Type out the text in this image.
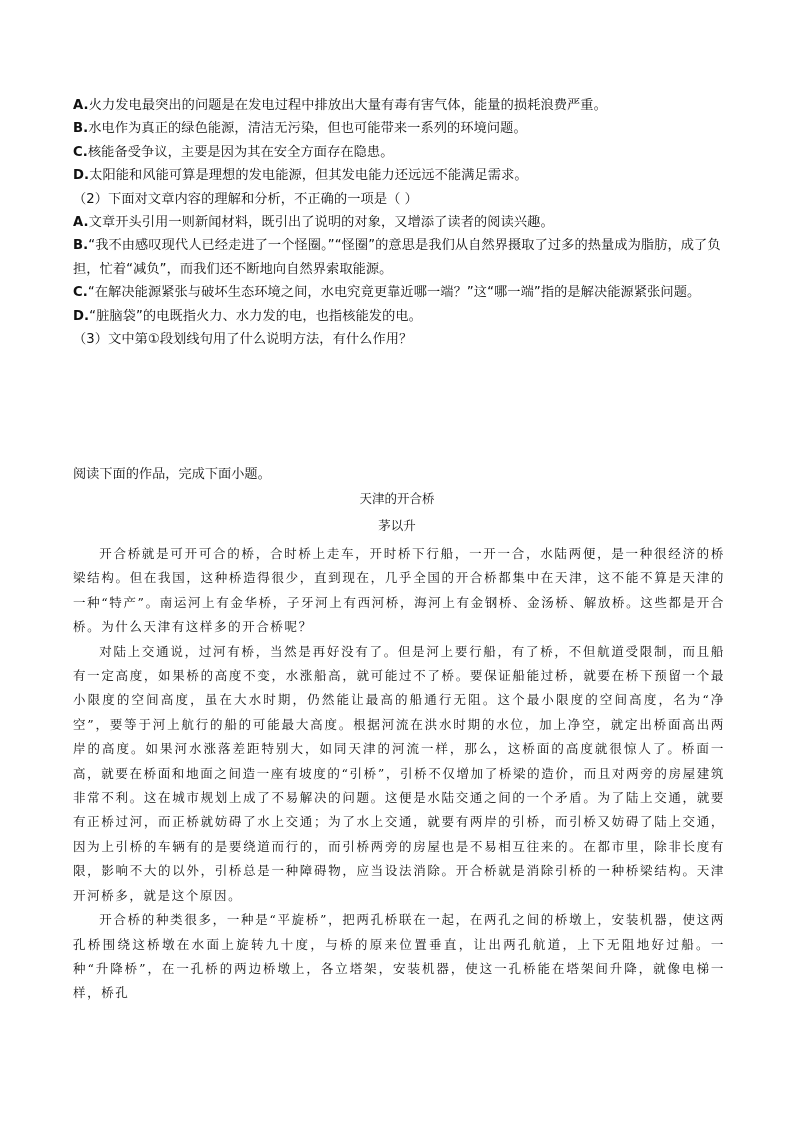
A.火力发电最突出的问题是在发电过程中排放出大量有毒有害气体，能量的损耗浪费严重。
B.水电作为真正的绿色能源，清洁无污染，但也可能带来一系列的环境问题。
C.核能备受争议，主要是因为其在安全方面存在隐患。
D.太阳能和风能可算是理想的发电能源，但其发电能力还远远不能满足需求。
（2）下面对文章内容的理解和分析，不正确的一项是（ ）
A.文章开头引用一则新闻材料，既引出了说明的对象，又增添了读者的阅读兴趣。
B.“我不由感叹现代人已经走进了一个怪圈。”“怪圈”的意思是我们从自然界摄取了过多的热量成为脂肪，成了负担，忙着“减负”，而我们还不断地向自然界索取能源。
C.“在解决能源紧张与破坏生态环境之间，水电究竟更靠近哪一端？”这“哪一端”指的是解决能源紧张问题。
D.“脏脑袋”的电既指火力、水力发的电，也指核能发的电。
（3）文中第①段划线句用了什么说明方法，有什么作用？
阅读下面的作品，完成下面小题。
天津的开合桥
茅以升

开合桥就是可开可合的桥，合时桥上走车，开时桥下行船，一开一合，水陆两便，是一种很经济的桥梁结构。但在我国，这种桥造得很少，直到现在，几乎全国的开合桥都集中在天津，这不能不算是天津的一种“特产”。南运河上有金华桥，子牙河上有西河桥，海河上有金钢桥、金汤桥、解放桥。这些都是开合桥。为什么天津有这样多的开合桥呢？

对陆上交通说，过河有桥，当然是再好没有了。但是河上要行船，有了桥，不但航道受限制，而且船有一定高度，如果桥的高度不变，水涨船高，就可能过不了桥。要保证船能过桥，就要在桥下预留一个最小限度的空间高度，虽在大水时期，仍然能让最高的船通行无阻。这个最小限度的空间高度，名为“净空”，要等于河上航行的船的可能最大高度。根据河流在洪水时期的水位，加上净空，就定出桥面高出两岸的高度。如果河水涨落差距特别大，如同天津的河流一样，那么，这桥面的高度就很惊人了。桥面一高，就要在桥面和地面之间造一座有坡度的“引桥”，引桥不仅增加了桥梁的造价，而且对两旁的房屋建筑非常不利。这在城市规划上成了不易解决的问题。这便是水陆交通之间的一个矛盾。为了陆上交通，就要有正桥过河，而正桥就妨碍了水上交通；为了水上交通，就要有两岸的引桥，而引桥又妨碍了陆上交通，因为上引桥的车辆有的是要绕道而行的，而引桥两旁的房屋也是不易相互往来的。在都市里，除非长度有限，影响不大的以外，引桥总是一种障碍物，应当设法消除。开合桥就是消除引桥的一种桥梁结构。天津开河桥多，就是这个原因。

开合桥的种类很多，一种是“平旋桥”，把两孔桥联在一起，在两孔之间的桥墩上，安装机器，使这两孔桥围绕这桥墩在水面上旋转九十度，与桥的原来位置垂直，让出两孔航道，上下无阻地好过船。一种“升降桥”，在一孔桥的两边桥墩上，各立塔架，安装机器，使这一孔桥能在塔架间升降，就像电梯一样，桥孔
